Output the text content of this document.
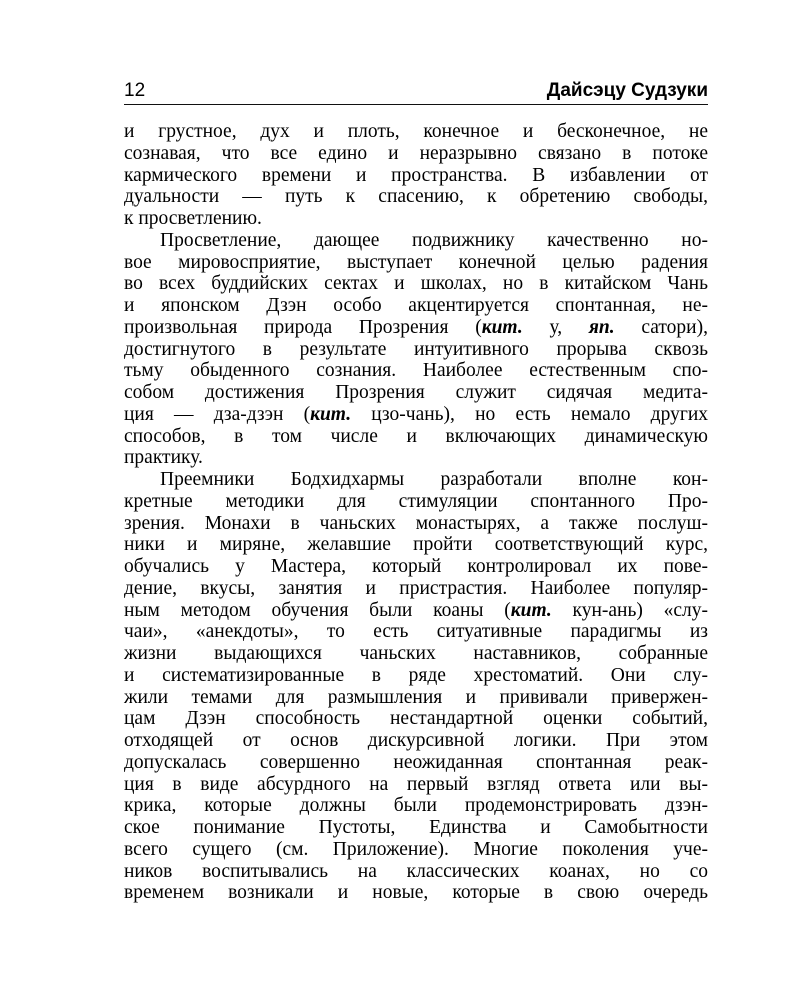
12	Дайсэцу Судзуки
и грустное, дух и плоть, конечное и бесконечное, не
сознавая, что все едино и неразрывно связано в потоке
кармического времени и пространства. В избавлении от
дуальности — путь к спасению, к обретению свободы,
к просветлению.
Просветление, дающее подвижнику качественно но-
вое мировосприятие, выступает конечной целью радения
во всех буддийских сектах и школах, но в китайском Чань
и японском Дзэн особо акцентируется спонтанная, не-
произвольная природа Прозрения (кит. у, яп. сатори),
достигнутого в результате интуитивного прорыва сквозь
тьму обыденного сознания. Наиболее естественным спо-
собом достижения Прозрения служит сидячая медита-
ция — дза-дзэн (кит. цзо-чань), но есть немало других
способов, в том числе и включающих динамическую
практику.
Преемники Бодхидхармы разработали вполне кон-
кретные методики для стимуляции спонтанного Про-
зрения. Монахи в чаньских монастырях, а также послуш-
ники и миряне, желавшие пройти соответствующий курс,
обучались у Мастера, который контролировал их пове-
дение, вкусы, занятия и пристрастия. Наиболее популяр-
ным методом обучения были коаны (кит. кун-ань) «слу-
чаи», «анекдоты», то есть ситуативные парадигмы из
жизни выдающихся чаньских наставников, собранные
и систематизированные в ряде хрестоматий. Они слу-
жили темами для размышления и прививали привержен-
цам Дзэн способность нестандартной оценки событий,
отходящей от основ дискурсивной логики. При этом
допускалась совершенно неожиданная спонтанная реак-
ция в виде абсурдного на первый взгляд ответа или вы-
крика, которые должны были продемонстрировать дзэн-
ское понимание Пустоты, Единства и Самобытности
всего сущего (см. Приложение). Многие поколения уче-
ников воспитывались на классических коанах, но со
временем возникали и новые, которые в свою очередь
